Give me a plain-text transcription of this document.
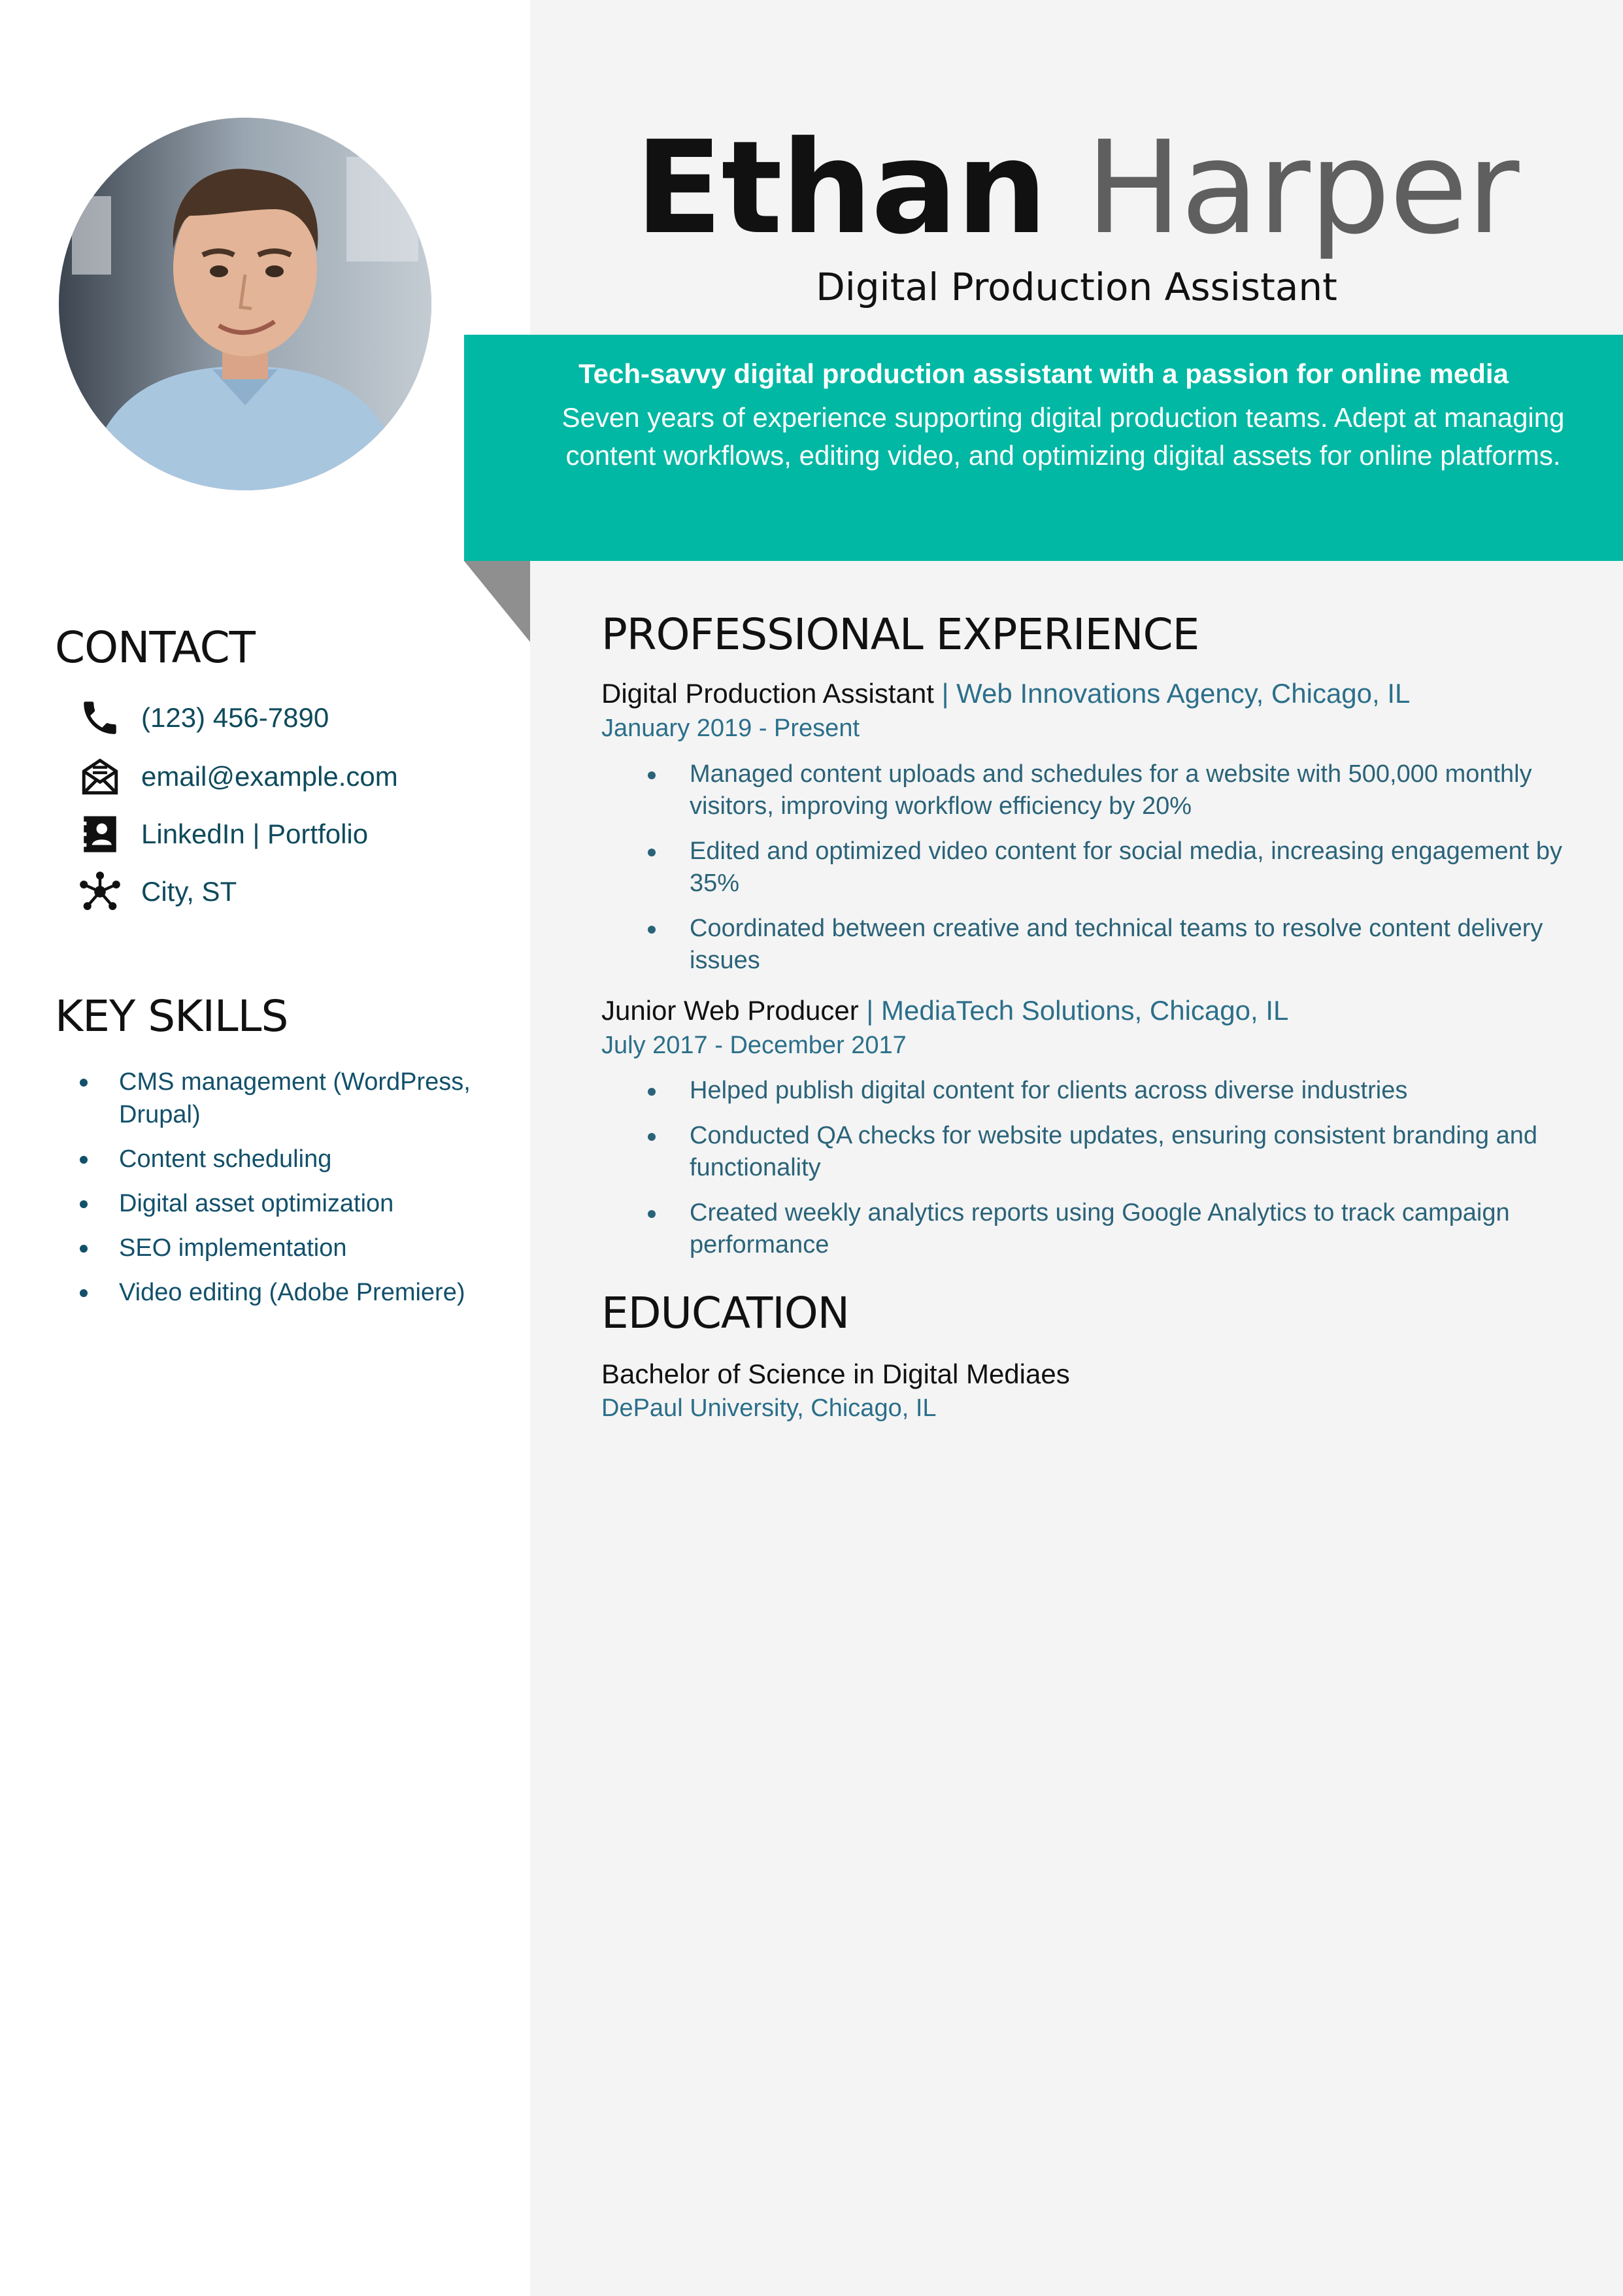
Ethan Harper
Digital Production Assistant
Tech-savvy digital production assistant with a passion for online media
Seven years of experience supporting digital production teams. Adept at managing content workflows, editing video, and optimizing digital assets for online platforms.
CONTACT
(123) 456-7890
email@example.com
LinkedIn | Portfolio
City, ST
KEY SKILLS
CMS management (WordPress, Drupal)
Content scheduling
Digital asset optimization
SEO implementation
Video editing (Adobe Premiere)
PROFESSIONAL EXPERIENCE
Digital Production Assistant | Web Innovations Agency, Chicago, IL
January 2019 - Present
Managed content uploads and schedules for a website with 500,000 monthly visitors, improving workflow efficiency by 20%
Edited and optimized video content for social media, increasing engagement by 35%
Coordinated between creative and technical teams to resolve content delivery issues
Junior Web Producer | MediaTech Solutions, Chicago, IL
July 2017 - December 2017
Helped publish digital content for clients across diverse industries
Conducted QA checks for website updates, ensuring consistent branding and functionality
Created weekly analytics reports using Google Analytics to track campaign performance
EDUCATION
Bachelor of Science in Digital Mediaes
DePaul University, Chicago, IL
